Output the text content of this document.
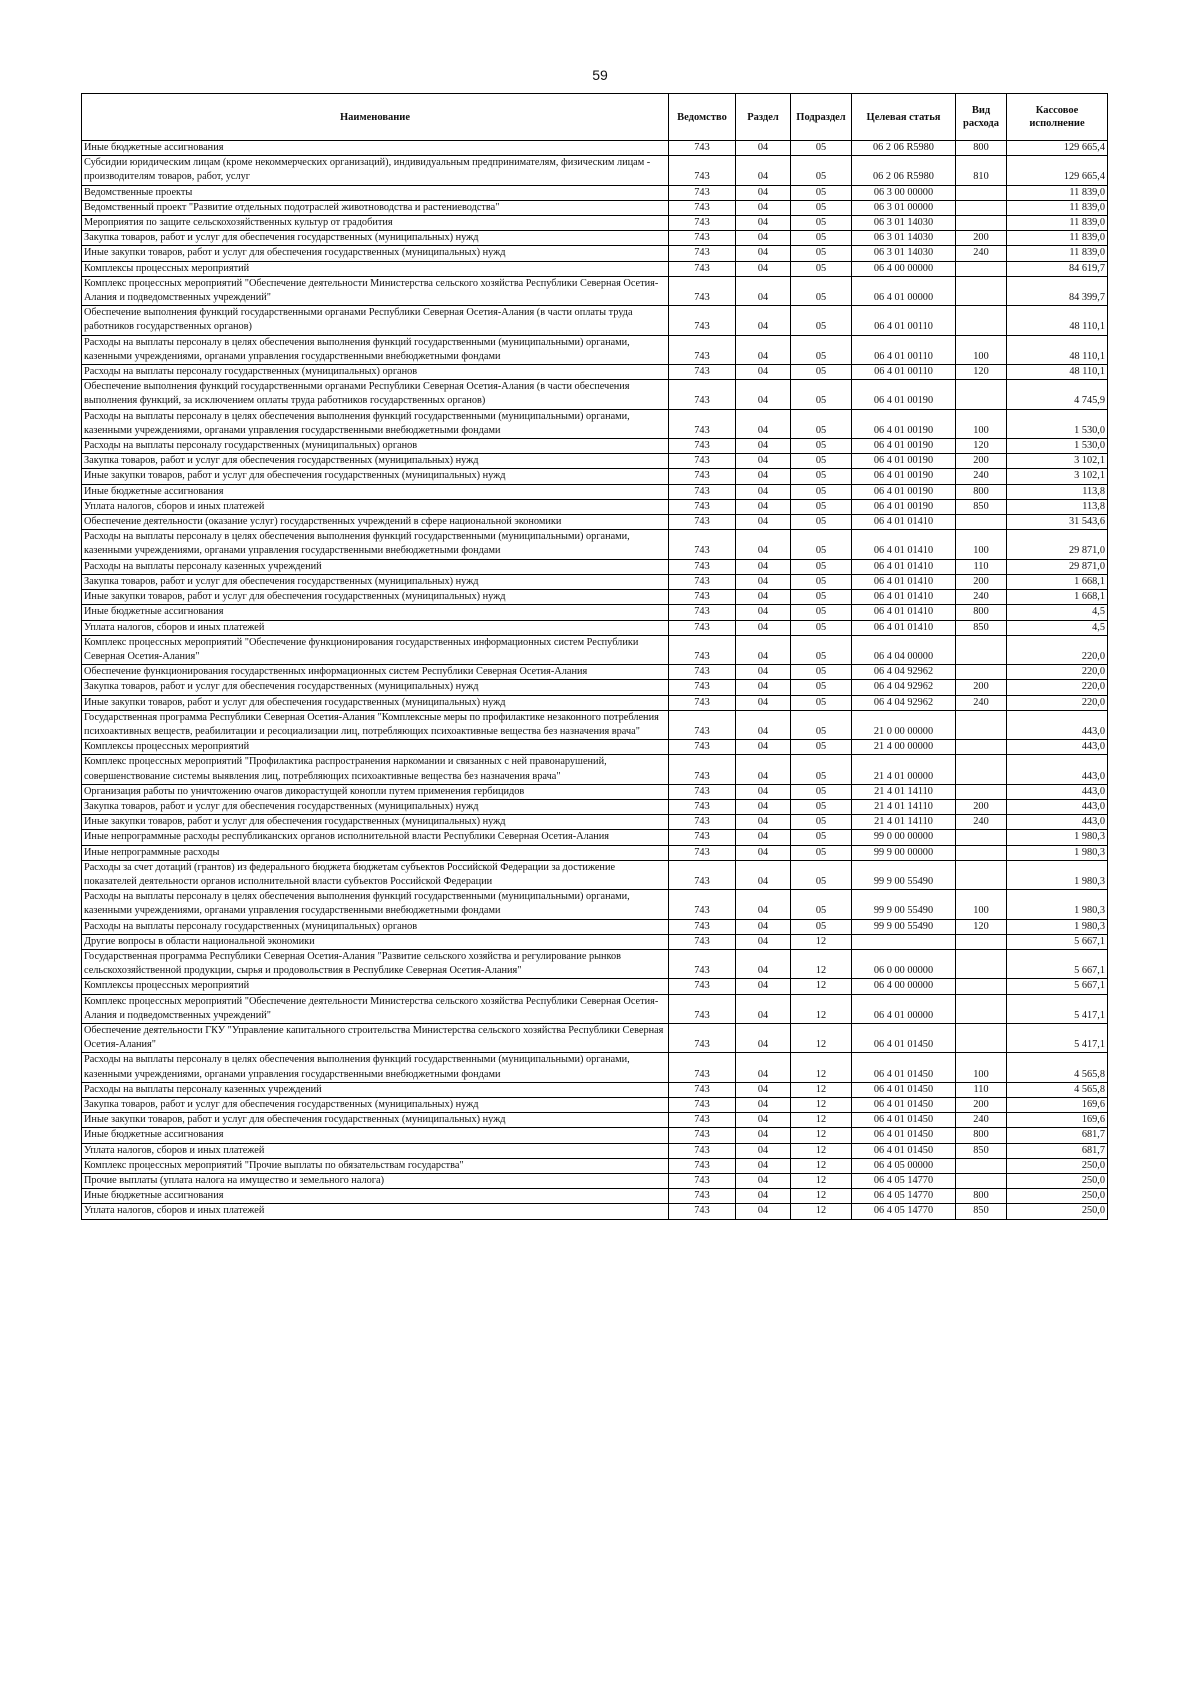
59
Наименование	Ведомство	Раздел	Подраздел	Целевая статья	Вид расхода	Кассовое исполнение
Иные бюджетные ассигнования	743	04	05	06 2 06 R5980	800	129 665,4
Субсидии юридическим лицам (кроме некоммерческих организаций), индивидуальным предпринимателям, физическим лицам - производителям товаров, работ, услуг	743	04	05	06 2 06 R5980	810	129 665,4
Ведомственные проекты	743	04	05	06 3 00 00000		11 839,0
Ведомственный проект "Развитие отдельных подотраслей животноводства и растениеводства"	743	04	05	06 3 01 00000		11 839,0
Мероприятия по защите сельскохозяйственных культур от градобития	743	04	05	06 3 01 14030		11 839,0
Закупка товаров, работ и услуг для обеспечения государственных (муниципальных) нужд	743	04	05	06 3 01 14030	200	11 839,0
Иные закупки товаров, работ и услуг для обеспечения государственных (муниципальных) нужд	743	04	05	06 3 01 14030	240	11 839,0
Комплексы процессных мероприятий	743	04	05	06 4 00 00000		84 619,7
Комплекс процессных мероприятий "Обеспечение деятельности Министерства сельского хозяйства Республики Северная Осетия-Алания и подведомственных учреждений"	743	04	05	06 4 01 00000		84 399,7
Обеспечение выполнения функций государственными органами Республики Северная Осетия-Алания (в части оплаты труда работников государственных органов)	743	04	05	06 4 01 00110		48 110,1
Расходы на выплаты персоналу в целях обеспечения выполнения функций государственными (муниципальными) органами, казенными учреждениями, органами управления государственными внебюджетными фондами	743	04	05	06 4 01 00110	100	48 110,1
Расходы на выплаты персоналу государственных (муниципальных) органов	743	04	05	06 4 01 00110	120	48 110,1
Обеспечение выполнения функций государственными органами Республики Северная Осетия-Алания (в части обеспечения выполнения функций, за исключением оплаты труда работников государственных органов)	743	04	05	06 4 01 00190		4 745,9
Расходы на выплаты персоналу в целях обеспечения выполнения функций государственными (муниципальными) органами, казенными учреждениями, органами управления государственными внебюджетными фондами	743	04	05	06 4 01 00190	100	1 530,0
Расходы на выплаты персоналу государственных (муниципальных) органов	743	04	05	06 4 01 00190	120	1 530,0
Закупка товаров, работ и услуг для обеспечения государственных (муниципальных) нужд	743	04	05	06 4 01 00190	200	3 102,1
Иные закупки товаров, работ и услуг для обеспечения государственных (муниципальных) нужд	743	04	05	06 4 01 00190	240	3 102,1
Иные бюджетные ассигнования	743	04	05	06 4 01 00190	800	113,8
Уплата налогов, сборов и иных платежей	743	04	05	06 4 01 00190	850	113,8
Обеспечение деятельности (оказание услуг) государственных учреждений в сфере национальной экономики	743	04	05	06 4 01 01410		31 543,6
Расходы на выплаты персоналу в целях обеспечения выполнения функций государственными (муниципальными) органами, казенными учреждениями, органами управления государственными внебюджетными фондами	743	04	05	06 4 01 01410	100	29 871,0
Расходы на выплаты персоналу казенных учреждений	743	04	05	06 4 01 01410	110	29 871,0
Закупка товаров, работ и услуг для обеспечения государственных (муниципальных) нужд	743	04	05	06 4 01 01410	200	1 668,1
Иные закупки товаров, работ и услуг для обеспечения государственных (муниципальных) нужд	743	04	05	06 4 01 01410	240	1 668,1
Иные бюджетные ассигнования	743	04	05	06 4 01 01410	800	4,5
Уплата налогов, сборов и иных платежей	743	04	05	06 4 01 01410	850	4,5
Комплекс процессных мероприятий "Обеспечение функционирования государственных информационных систем Республики Северная Осетия-Алания"	743	04	05	06 4 04 00000		220,0
Обеспечение функционирования государственных информационных систем Республики Северная Осетия-Алания	743	04	05	06 4 04 92962		220,0
Закупка товаров, работ и услуг для обеспечения государственных (муниципальных) нужд	743	04	05	06 4 04 92962	200	220,0
Иные закупки товаров, работ и услуг для обеспечения государственных (муниципальных) нужд	743	04	05	06 4 04 92962	240	220,0
Государственная программа Республики Северная Осетия-Алания "Комплексные меры по профилактике незаконного потребления психоактивных веществ, реабилитации и ресоциализации лиц, потребляющих психоактивные вещества без назначения врача"	743	04	05	21 0 00 00000		443,0
Комплексы процессных мероприятий	743	04	05	21 4 00 00000		443,0
Комплекс процессных мероприятий "Профилактика распространения наркомании и связанных с ней правонарушений, совершенствование системы выявления лиц, потребляющих психоактивные вещества без назначения врача"	743	04	05	21 4 01 00000		443,0
Организация работы по уничтожению очагов дикорастущей конопли путем применения гербицидов	743	04	05	21 4 01 14110		443,0
Закупка товаров, работ и услуг для обеспечения государственных (муниципальных) нужд	743	04	05	21 4 01 14110	200	443,0
Иные закупки товаров, работ и услуг для обеспечения государственных (муниципальных) нужд	743	04	05	21 4 01 14110	240	443,0
Иные непрограммные расходы республиканских органов исполнительной власти Республики Северная Осетия-Алания	743	04	05	99 0 00 00000		1 980,3
Иные непрограммные расходы	743	04	05	99 9 00 00000		1 980,3
Расходы за счет дотаций (грантов) из федерального бюджета бюджетам субъектов Российской Федерации за достижение показателей деятельности органов исполнительной власти субъектов Российской Федерации	743	04	05	99 9 00 55490		1 980,3
Расходы на выплаты персоналу в целях обеспечения выполнения функций государственными (муниципальными) органами, казенными учреждениями, органами управления государственными внебюджетными фондами	743	04	05	99 9 00 55490	100	1 980,3
Расходы на выплаты персоналу государственных (муниципальных) органов	743	04	05	99 9 00 55490	120	1 980,3
Другие вопросы в области национальной экономики	743	04	12			5 667,1
Государственная программа Республики Северная Осетия-Алания "Развитие сельского хозяйства и регулирование рынков сельскохозяйственной продукции, сырья и продовольствия в Республике Северная Осетия-Алания"	743	04	12	06 0 00 00000		5 667,1
Комплексы процессных мероприятий	743	04	12	06 4 00 00000		5 667,1
Комплекс процессных мероприятий "Обеспечение деятельности Министерства сельского хозяйства Республики Северная Осетия-Алания и подведомственных учреждений"	743	04	12	06 4 01 00000		5 417,1
Обеспечение деятельности ГКУ "Управление капитального строительства Министерства сельского хозяйства Республики Северная Осетия-Алания"	743	04	12	06 4 01 01450		5 417,1
Расходы на выплаты персоналу в целях обеспечения выполнения функций государственными (муниципальными) органами, казенными учреждениями, органами управления государственными внебюджетными фондами	743	04	12	06 4 01 01450	100	4 565,8
Расходы на выплаты персоналу казенных учреждений	743	04	12	06 4 01 01450	110	4 565,8
Закупка товаров, работ и услуг для обеспечения государственных (муниципальных) нужд	743	04	12	06 4 01 01450	200	169,6
Иные закупки товаров, работ и услуг для обеспечения государственных (муниципальных) нужд	743	04	12	06 4 01 01450	240	169,6
Иные бюджетные ассигнования	743	04	12	06 4 01 01450	800	681,7
Уплата налогов, сборов и иных платежей	743	04	12	06 4 01 01450	850	681,7
Комплекс процессных мероприятий "Прочие выплаты по обязательствам государства"	743	04	12	06 4 05 00000		250,0
Прочие выплаты (уплата налога на имущество и земельного налога)	743	04	12	06 4 05 14770		250,0
Иные бюджетные ассигнования	743	04	12	06 4 05 14770	800	250,0
Уплата налогов, сборов и иных платежей	743	04	12	06 4 05 14770	850	250,0
